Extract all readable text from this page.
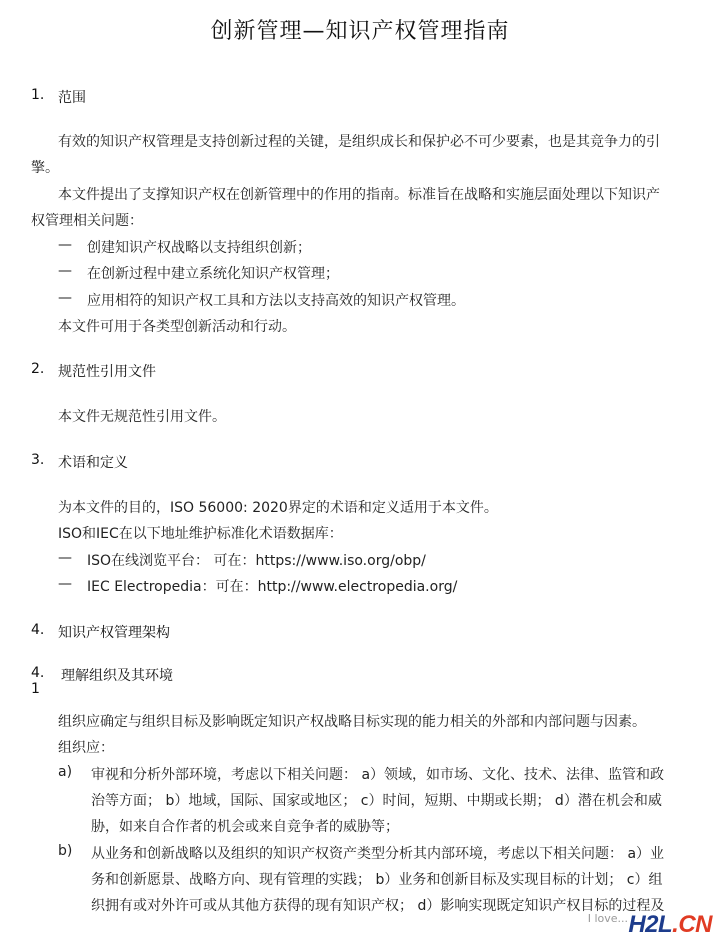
创新管理—知识产权管理指南
1. 范围
有效的知识产权管理是支持创新过程的关键，是组织成长和保护必不可少要素，也是其竞争力的引
擎。
本文件提出了支撑知识产权在创新管理中的作用的指南。标准旨在战略和实施层面处理以下知识产
权管理相关问题：
— 创建知识产权战略以支持组织创新；
— 在创新过程中建立系统化知识产权管理；
— 应用相符的知识产权工具和方法以支持高效的知识产权管理。
本文件可用于各类型创新活动和行动。
2. 规范性引用文件
本文件无规范性引用文件。
3. 术语和定义
为本文件的目的，ISO 56000: 2020界定的术语和定义适用于本文件。
ISO和IEC在以下地址维护标准化术语数据库：
— ISO在线浏览平台： 可在：https://www.iso.org/obp/
— IEC Electropedia：可在：http://www.electropedia.org/
4. 知识产权管理架构
4. 1
理解组织及其环境
组织应确定与组织目标及影响既定知识产权战略目标实现的能力相关的外部和内部问题与因素。
组织应：
a) 审视和分析外部环境，考虑以下相关问题： a）领域，如市场、文化、技术、法律、监管和政
治等方面； b）地域，国际、国家或地区； c）时间，短期、中期或长期； d）潜在机会和威
胁，如来自合作者的机会或来自竞争者的威胁等；
b) 从业务和创新战略以及组织的知识产权资产类型分析其内部环境，考虑以下相关问题： a）业
务和创新愿景、战略方向、现有管理的实践； b）业务和创新目标及实现目标的计划； c）组
织拥有或对外许可或从其他方获得的现有知识产权； d）影响实现既定知识产权目标的过程及
I love... H2L.CN
